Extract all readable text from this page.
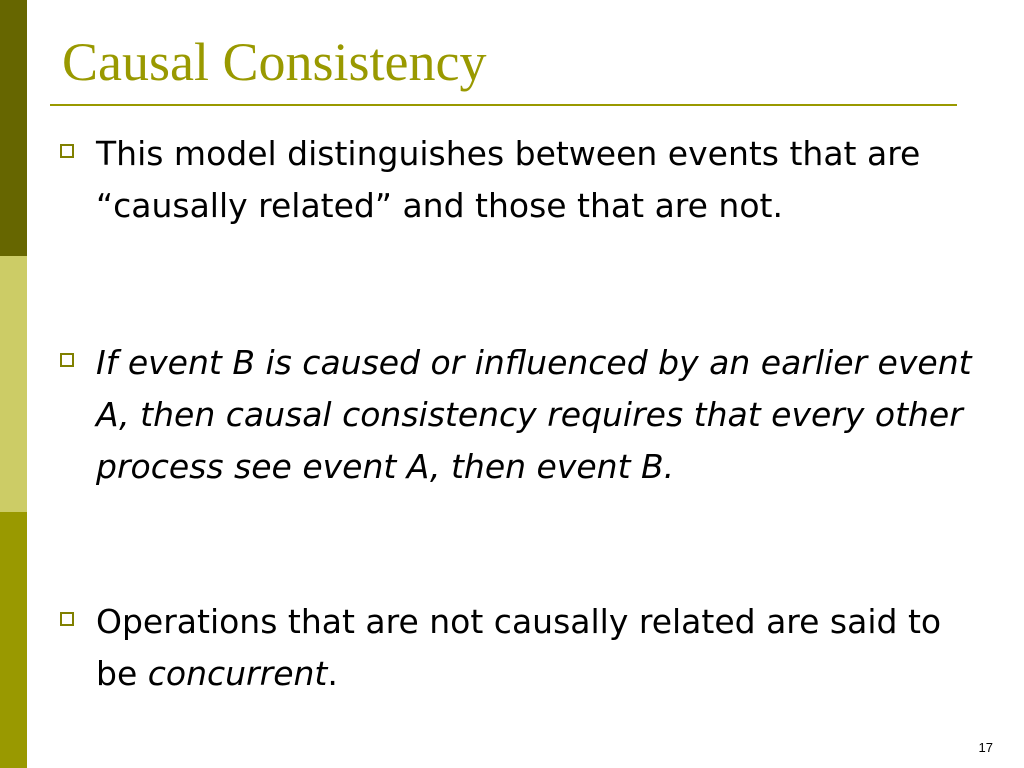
Causal Consistency

This model distinguishes between events that are “causally related” and those that are not.

If event B is caused or influenced by an earlier event A, then causal consistency requires that every other process see event A, then event B.

Operations that are not causally related are said to be concurrent.

17
